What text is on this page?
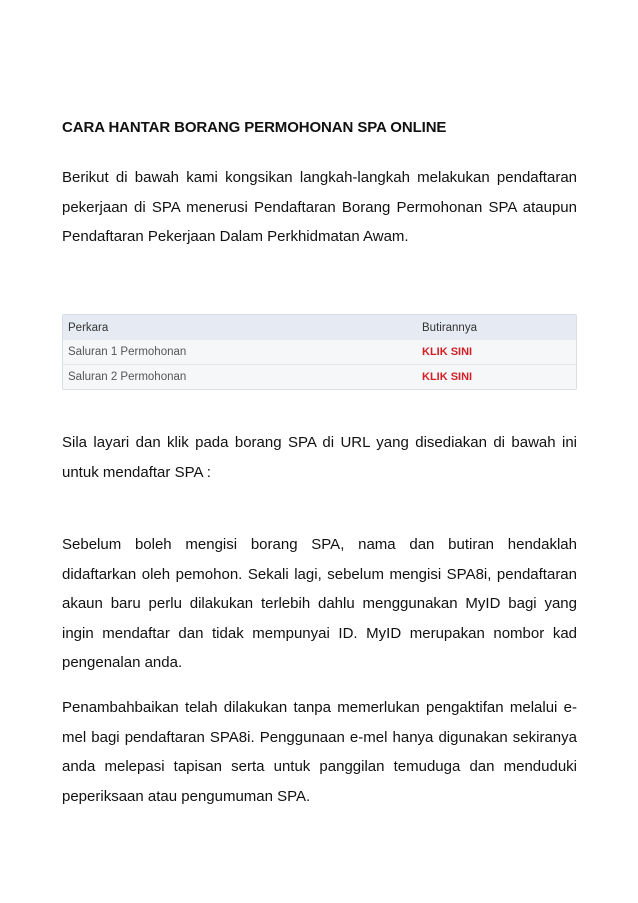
CARA HANTAR BORANG PERMOHONAN SPA ONLINE

Berikut di bawah kami kongsikan langkah-langkah melakukan pendaftaran pekerjaan di SPA menerusi Pendaftaran Borang Permohonan SPA ataupun Pendaftaran Pekerjaan Dalam Perkhidmatan Awam.

Perkara	Butirannya
Saluran 1 Permohonan	KLIK SINI
Saluran 2 Permohonan	KLIK SINI

Sila layari dan klik pada borang SPA di URL yang disediakan di bawah ini untuk mendaftar SPA :

Sebelum boleh mengisi borang SPA, nama dan butiran hendaklah didaftarkan oleh pemohon. Sekali lagi, sebelum mengisi SPA8i, pendaftaran akaun baru perlu dilakukan terlebih dahlu menggunakan MyID bagi yang ingin mendaftar dan tidak mempunyai ID. MyID merupakan nombor kad pengenalan anda.

Penambahbaikan telah dilakukan tanpa memerlukan pengaktifan melalui e-mel bagi pendaftaran SPA8i. Penggunaan e-mel hanya digunakan sekiranya anda melepasi tapisan serta untuk panggilan temuduga dan menduduki peperiksaan atau pengumuman SPA.
